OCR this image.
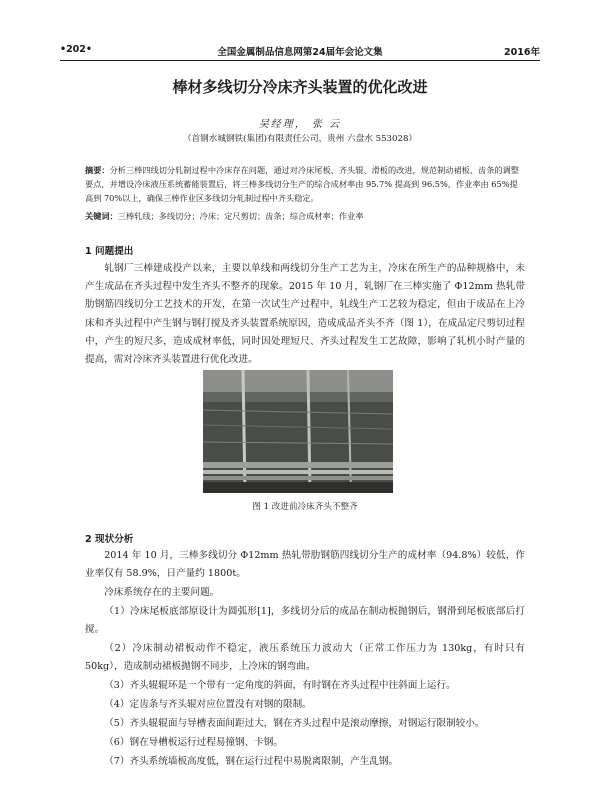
•202•	全国金属制品信息网第24届年会论文集	2016年
棒材多线切分冷床齐头装置的优化改进
吴经理， 张 云
（首钢水城钢铁(集团)有限责任公司，贵州 六盘水 553028）
摘要：分析三棒四线切分轧制过程中冷床存在问题，通过对冷床尾板、齐头辊、滑板的改进，规范制动裙板、齿条的调整要点，并增设冷床液压系统蓄能装置后，将三棒多线切分生产的综合成材率由 95.7% 提高到 96.5%，作业率由 65%提高到 70%以上，确保三棒作业区多线切分轧制过程中齐头稳定。
关键词：三棒轧线；多线切分；冷床；定尺剪切；齿条；综合成材率；作业率
1 问题提出
轧钢厂三棒建成投产以来，主要以单线和两线切分生产工艺为主，冷床在所生产的品种规格中，未产生成品在齐头过程中发生齐头不整齐的现象。2015 年 10 月，轧钢厂在三棒实施了 Φ12mm 热轧带肋钢筋四线切分工艺技术的开发，在第一次试生产过程中，轧线生产工艺较为稳定，但由于成品在上冷床和齐头过程中产生钢与钢打搅及齐头装置系统原因，造成成品齐头不齐（图 1），在成品定尺剪切过程中，产生的短尺多，造成成材率低，同时因处理短尺、齐头过程发生工艺故障，影响了轧机小时产量的提高，需对冷床齐头装置进行优化改进。
图 1 改进前冷床齐头不整齐
2 现状分析
2014 年 10 月，三棒多线切分 Φ12mm 热轧带肋钢筋四线切分生产的成材率（94.8%）较低，作业率仅有 58.9%，日产量约 1800t。
冷床系统存在的主要问题。
（1）冷床尾板底部原设计为圆弧形[1]，多线切分后的成品在制动板抛钢后，钢滑到尾板底部后打搅。
（2）冷床制动裙板动作不稳定，液压系统压力波动大（正常工作压力为 130kg，有时只有 50kg），造成制动裙板抛钢不同步，上冷床的钢弯曲。
（3）齐头辊辊环是一个带有一定角度的斜面，有时钢在齐头过程中往斜面上运行。
（4）定齿条与齐头辊对应位置没有对钢的限制。
（5）齐头辊辊面与导槽表面间距过大，钢在齐头过程中是滚动摩擦，对钢运行限制较小。
（6）钢在导槽板运行过程易撞钢、卡钢。
（7）齐头系统墙板高度低，钢在运行过程中易脱离限制，产生乱钢。
